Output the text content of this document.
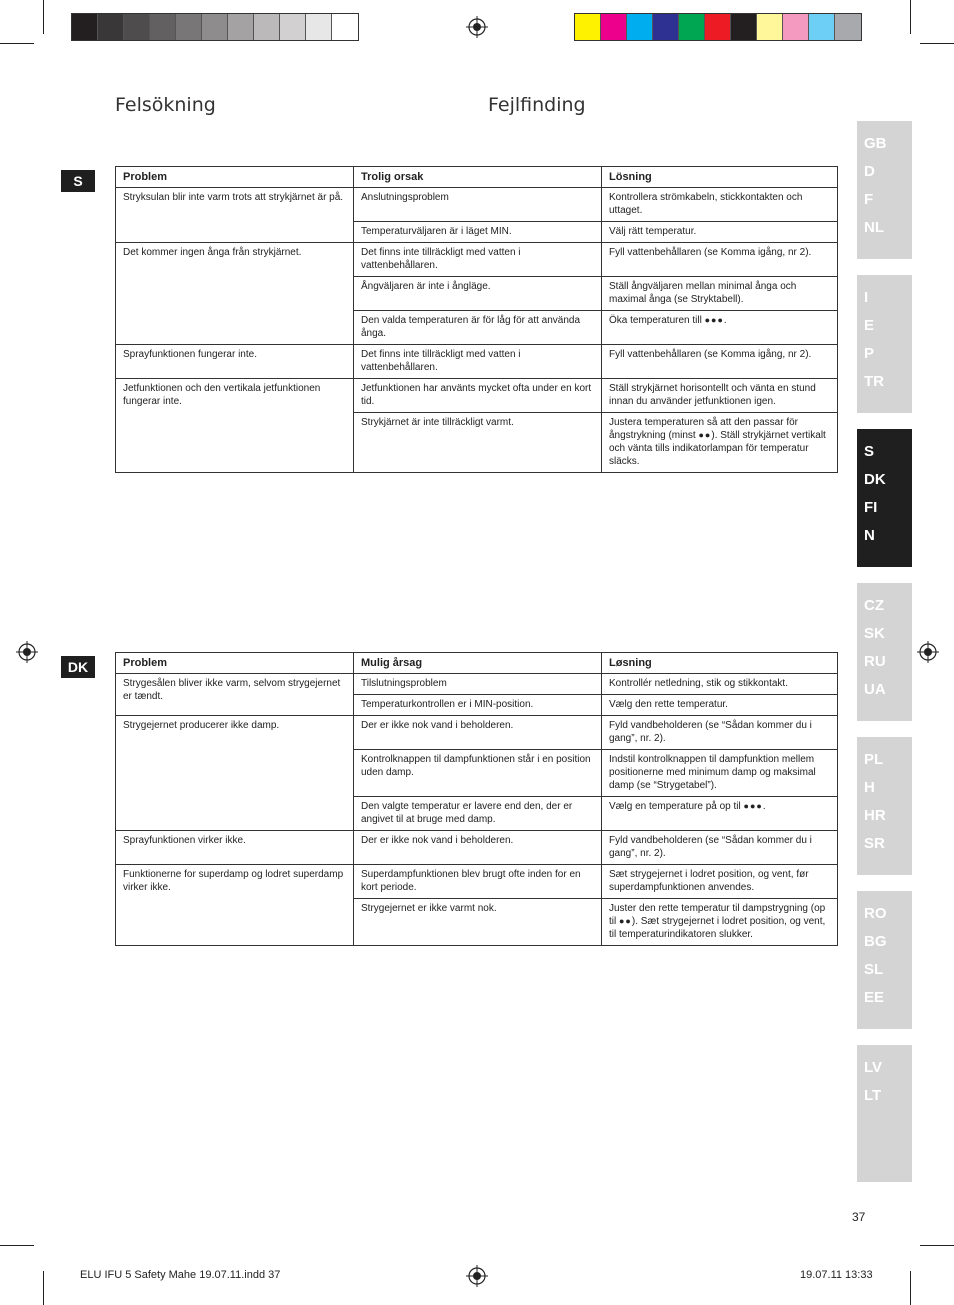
Felsökning	Fejlfinding
S
DK
Problem	Trolig orsak	Lösning
Stryksulan blir inte varm trots att strykjärnet är på.	Anslutningsproblem	Kontrollera strömkabeln, stickkontakten och uttaget.
	Temperaturväljaren är i läget MIN.	Välj rätt temperatur.
Det kommer ingen ånga från strykjärnet.	Det finns inte tillräckligt med vatten i vattenbehållaren.	Fyll vattenbehållaren (se Komma igång, nr 2).
	Ångväljaren är inte i ångläge.	Ställ ångväljaren mellan minimal ånga och maximal ånga (se Stryktabell).
	Den valda temperaturen är för låg för att använda ånga.	Öka temperaturen till ●●●.
Sprayfunktionen fungerar inte.	Det finns inte tillräckligt med vatten i vattenbehållaren.	Fyll vattenbehållaren (se Komma igång, nr 2).
Jetfunktionen och den vertikala jetfunktionen fungerar inte.	Jetfunktionen har använts mycket ofta under en kort tid.	Ställ strykjärnet horisontellt och vänta en stund innan du använder jetfunktionen igen.
	Strykjärnet är inte tillräckligt varmt.	Justera temperaturen så att den passar för ångstrykning (minst ●●). Ställ strykjärnet vertikalt och vänta tills indikatorlampan för temperatur släcks.
Problem	Mulig årsag	Løsning
Strygesålen bliver ikke varm, selvom strygejernet er tændt.	Tilslutningsproblem	Kontrollér netledning, stik og stikkontakt.
	Temperaturkontrollen er i MIN-position.	Vælg den rette temperatur.
Strygejernet producerer ikke damp.	Der er ikke nok vand i beholderen.	Fyld vandbeholderen (se “Sådan kommer du i gang”, nr. 2).
	Kontrolknappen til dampfunktionen står i en position uden damp.	Indstil kontrolknappen til dampfunktion mellem positionerne med minimum damp og maksimal damp (se “Strygetabel”).
	Den valgte temperatur er lavere end den, der er angivet til at bruge med damp.	Vælg en temperature på op til ●●●.
Sprayfunktionen virker ikke.	Der er ikke nok vand i beholderen.	Fyld vandbeholderen (se “Sådan kommer du i gang”, nr. 2).
Funktionerne for superdamp og lodret superdamp virker ikke.	Superdampfunktionen blev brugt ofte inden for en kort periode.	Sæt strygejernet i lodret position, og vent, før superdampfunktionen anvendes.
	Strygejernet er ikke varmt nok.	Juster den rette temperatur til dampstrygning (op til ●●). Sæt strygejernet i lodret position, og vent, til temperaturindikatoren slukker.
GB
D
F
NL
I
E
P
TR
S
DK
FI
N
CZ
SK
RU
UA
PL
H
HR
SR
RO
BG
SL
EE
LV
LT
37
ELU IFU 5 Safety Mahe 19.07.11.indd 37	19.07.11 13:33
